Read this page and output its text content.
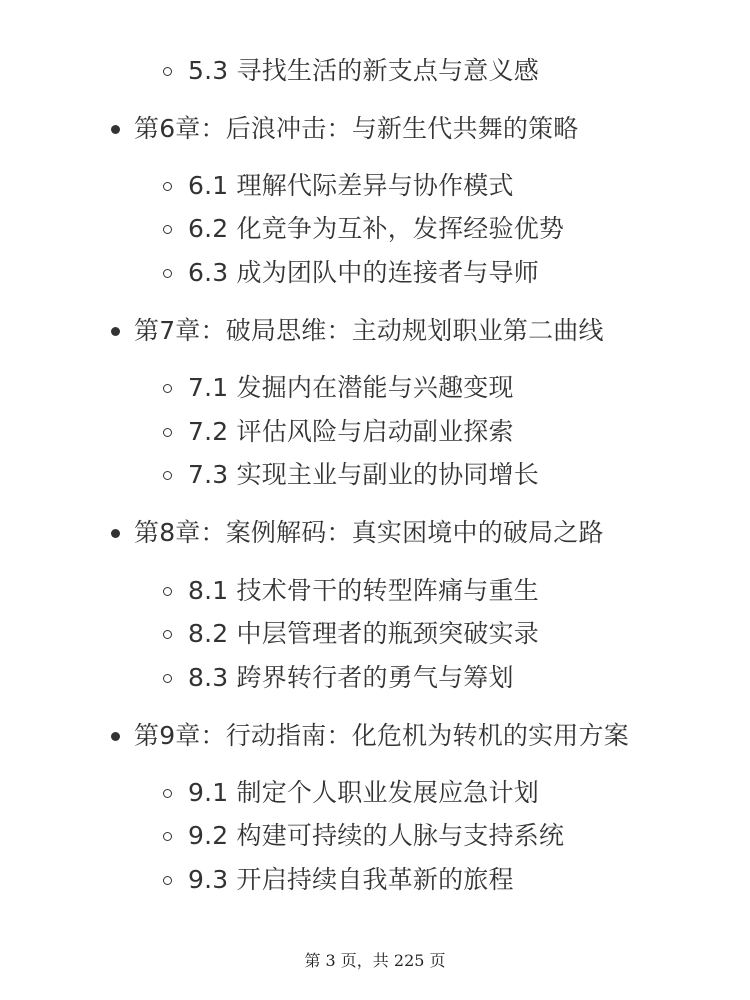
5.3 寻找生活的新支点与意义感
第6章：后浪冲击：与新生代共舞的策略
6.1 理解代际差异与协作模式
6.2 化竞争为互补，发挥经验优势
6.3 成为团队中的连接者与导师
第7章：破局思维：主动规划职业第二曲线
7.1 发掘内在潜能与兴趣变现
7.2 评估风险与启动副业探索
7.3 实现主业与副业的协同增长
第8章：案例解码：真实困境中的破局之路
8.1 技术骨干的转型阵痛与重生
8.2 中层管理者的瓶颈突破实录
8.3 跨界转行者的勇气与筹划
第9章：行动指南：化危机为转机的实用方案
9.1 制定个人职业发展应急计划
9.2 构建可持续的人脉与支持系统
9.3 开启持续自我革新的旅程
第 3 页，共 225 页
